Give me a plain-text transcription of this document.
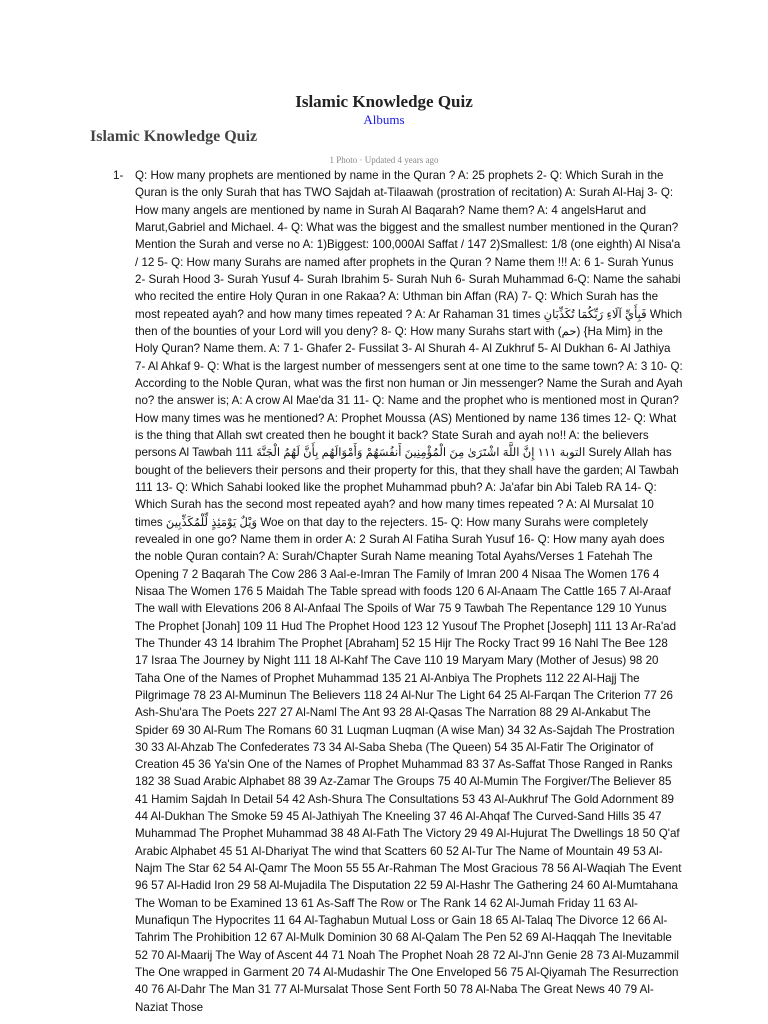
Islamic Knowledge Quiz
Albums
Islamic Knowledge Quiz
1 Photo · Updated 4 years ago
1- Q: How many prophets are mentioned by name in the Quran ? A: 25 prophets 2- Q: Which Surah in the Quran is the only Surah that has TWO Sajdah at-Tilaawah (prostration of recitation) A: Surah Al-Haj 3- Q: How many angels are mentioned by name in Surah Al Baqarah? Name them? A: 4 angelsHarut and Marut,Gabriel and Michael. 4- Q: What was the biggest and the smallest number mentioned in the Quran? Mention the Surah and verse no A: 1)Biggest: 100,000Al Saffat / 147 2)Smallest: 1/8 (one eighth) Al Nisa'a / 12 5- Q: How many Surahs are named after prophets in the Quran ? Name them !!! A: 6 1- Surah Yunus 2- Surah Hood 3- Surah Yusuf 4- Surah Ibrahim 5- Surah Nuh 6- Surah Muhammad 6-Q: Name the sahabi who recited the entire Holy Quran in one Rakaa? A: Uthman bin Affan (RA) 7- Q: Which Surah has the most repeated ayah? and how many times repeated ? A: Ar Rahaman 31 times فَبِأَيِّ آلَاءِ رَبِّكُمَا تُكَذِّبَانِ Which then of the bounties of your Lord will you deny? 8- Q: How many Surahs start with (حم) {Ha Mim} in the Holy Quran? Name them. A: 7 1- Ghafer 2- Fussilat 3- Al Shurah 4- Al Zukhruf 5- Al Dukhan 6- Al Jathiya 7- Al Ahkaf 9- Q: What is the largest number of messengers sent at one time to the same town? A: 3 10- Q: According to the Noble Quran, what was the first non human or Jin messenger? Name the Surah and Ayah no? the answer is; A: A crow Al Mae'da 31 11- Q: Name and the prophet who is mentioned most in Quran? How many times was he mentioned? A: Prophet Moussa (AS) Mentioned by name 136 times 12- Q: What is the thing that Allah swt created then he bought it back? State Surah and ayah no!! A: the believers persons Al Tawbah 111 التوبة ١١١ إِنَّ اللَّهَ اشْتَرَىٰ مِنَ الْمُؤْمِنِينَ أَنفُسَهُمْ وَأَمْوَالَهُم بِأَنَّ لَهُمُ الْجَنَّةَ Surely Allah has bought of the believers their persons and their property for this, that they shall have the garden; Al Tawbah 111 13- Q: Which Sahabi looked like the prophet Muhammad pbuh? A: Ja'afar bin Abi Taleb RA 14- Q: Which Surah has the second most repeated ayah? and how many times repeated ? A: Al Mursalat 10 times وَيْلٌ يَوْمَئِذٍ لِّلْمُكَذِّبِينَ Woe on that day to the rejecters. 15- Q: How many Surahs were completely revealed in one go? Name them in order A: 2 Surah Al Fatiha Surah Yusuf 16- Q: How many ayah does the noble Quran contain? A: Surah/Chapter Surah Name meaning Total Ayahs/Verses 1 Fatehah The Opening 7 2 Baqarah The Cow 286 3 Aal-e-Imran The Family of Imran 200 4 Nisaa The Women 176 4 Nisaa The Women 176 5 Maidah The Table spread with foods 120 6 Al-Anaam The Cattle 165 7 Al-Araaf The wall with Elevations 206 8 Al-Anfaal The Spoils of War 75 9 Tawbah The Repentance 129 10 Yunus The Prophet [Jonah] 109 11 Hud The Prophet Hood 123 12 Yusouf The Prophet [Joseph] 111 13 Ar-Ra'ad The Thunder 43 14 Ibrahim The Prophet [Abraham] 52 15 Hijr The Rocky Tract 99 16 Nahl The Bee 128 17 Israa The Journey by Night 111 18 Al-Kahf The Cave 110 19 Maryam Mary (Mother of Jesus) 98 20 Taha One of the Names of Prophet Muhammad 135 21 Al-Anbiya The Prophets 112 22 Al-Hajj The Pilgrimage 78 23 Al-Muminun The Believers 118 24 Al-Nur The Light 64 25 Al-Farqan The Criterion 77 26 Ash-Shu'ara The Poets 227 27 Al-Naml The Ant 93 28 Al-Qasas The Narration 88 29 Al-Ankabut The Spider 69 30 Al-Rum The Romans 60 31 Luqman Luqman (A wise Man) 34 32 As-Sajdah The Prostration 30 33 Al-Ahzab The Confederates 73 34 Al-Saba Sheba (The Queen) 54 35 Al-Fatir The Originator of Creation 45 36 Ya'sin One of the Names of Prophet Muhammad 83 37 As-Saffat Those Ranged in Ranks 182 38 Suad Arabic Alphabet 88 39 Az-Zamar The Groups 75 40 Al-Mumin The Forgiver/The Believer 85 41 Hamim Sajdah In Detail 54 42 Ash-Shura The Consultations 53 43 Al-Aukhruf The Gold Adornment 89 44 Al-Dukhan The Smoke 59 45 Al-Jathiyah The Kneeling 37 46 Al-Ahqaf The Curved-Sand Hills 35 47 Muhammad The Prophet Muhammad 38 48 Al-Fath The Victory 29 49 Al-Hujurat The Dwellings 18 50 Q'af Arabic Alphabet 45 51 Al-Dhariyat The wind that Scatters 60 52 Al-Tur The Name of Mountain 49 53 Al-Najm The Star 62 54 Al-Qamr The Moon 55 55 Ar-Rahman The Most Gracious 78 56 Al-Waqiah The Event 96 57 Al-Hadid Iron 29 58 Al-Mujadila The Disputation 22 59 Al-Hashr The Gathering 24 60 Al-Mumtahana The Woman to be Examined 13 61 As-Saff The Row or The Rank 14 62 Al-Jumah Friday 11 63 Al-Munafiqun The Hypocrites 11 64 Al-Taghabun Mutual Loss or Gain 18 65 Al-Talaq The Divorce 12 66 Al-Tahrim The Prohibition 12 67 Al-Mulk Dominion 30 68 Al-Qalam The Pen 52 69 Al-Haqqah The Inevitable 52 70 Al-Maarij The Way of Ascent 44 71 Noah The Prophet Noah 28 72 Al-J'nn Genie 28 73 Al-Muzammil The One wrapped in Garment 20 74 Al-Mudashir The One Enveloped 56 75 Al-Qiyamah The Resurrection 40 76 Al-Dahr The Man 31 77 Al-Mursalat Those Sent Forth 50 78 Al-Naba The Great News 40 79 Al-Naziat Those
